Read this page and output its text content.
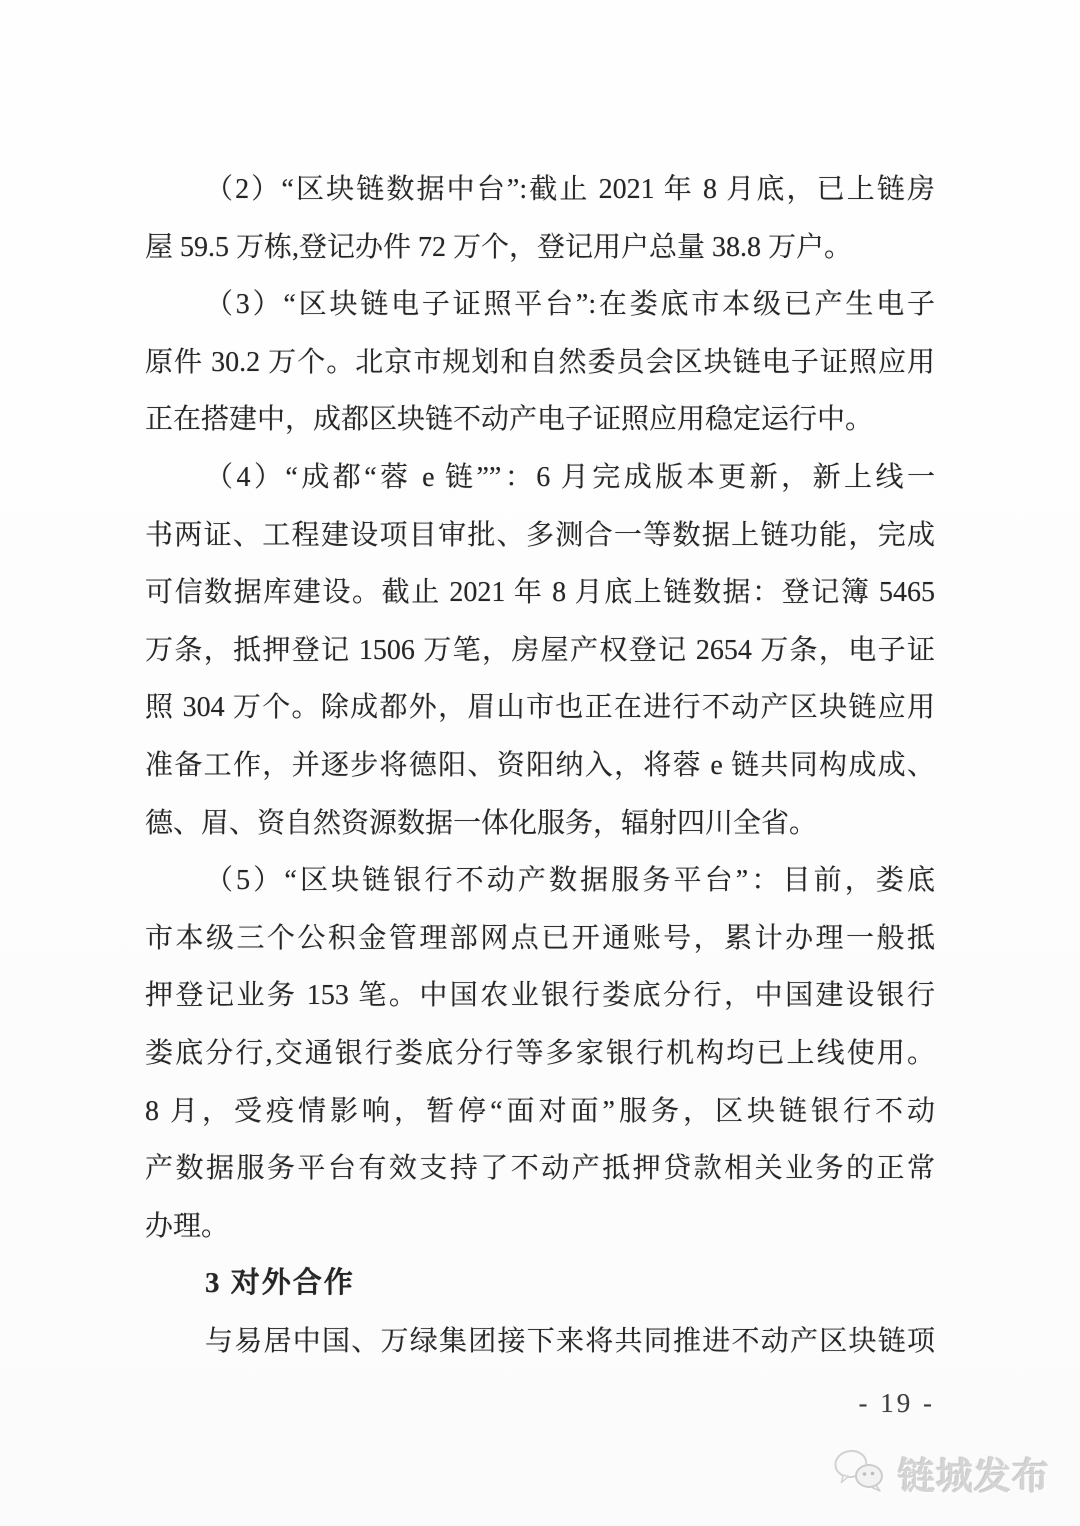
（2）“区块链数据中台”:截止 2021 年 8 月底，已上链房

屋 59.5 万栋,登记办件 72 万个，登记用户总量 38.8 万户。

（3）“区块链电子证照平台”:在娄底市本级已产生电子

原件 30.2 万个。北京市规划和自然委员会区块链电子证照应用

正在搭建中，成都区块链不动产电子证照应用稳定运行中。

（4）“成都“蓉 e 链””：6 月完成版本更新，新上线一

书两证、工程建设项目审批、多测合一等数据上链功能，完成

可信数据库建设。截止 2021 年 8 月底上链数据：登记簿 5465

万条，抵押登记 1506 万笔，房屋产权登记 2654 万条，电子证

照 304 万个。除成都外，眉山市也正在进行不动产区块链应用

准备工作，并逐步将德阳、资阳纳入，将蓉 e 链共同构成成、

德、眉、资自然资源数据一体化服务，辐射四川全省。

（5）“区块链银行不动产数据服务平台”：目前，娄底

市本级三个公积金管理部网点已开通账号，累计办理一般抵

押登记业务 153 笔。中国农业银行娄底分行，中国建设银行

娄底分行,交通银行娄底分行等多家银行机构均已上线使用。

8 月，受疫情影响，暂停“面对面”服务，区块链银行不动

产数据服务平台有效支持了不动产抵押贷款相关业务的正常

办理。

3 对外合作

与易居中国、万绿集团接下来将共同推进不动产区块链项

- 19 -
链城发布
